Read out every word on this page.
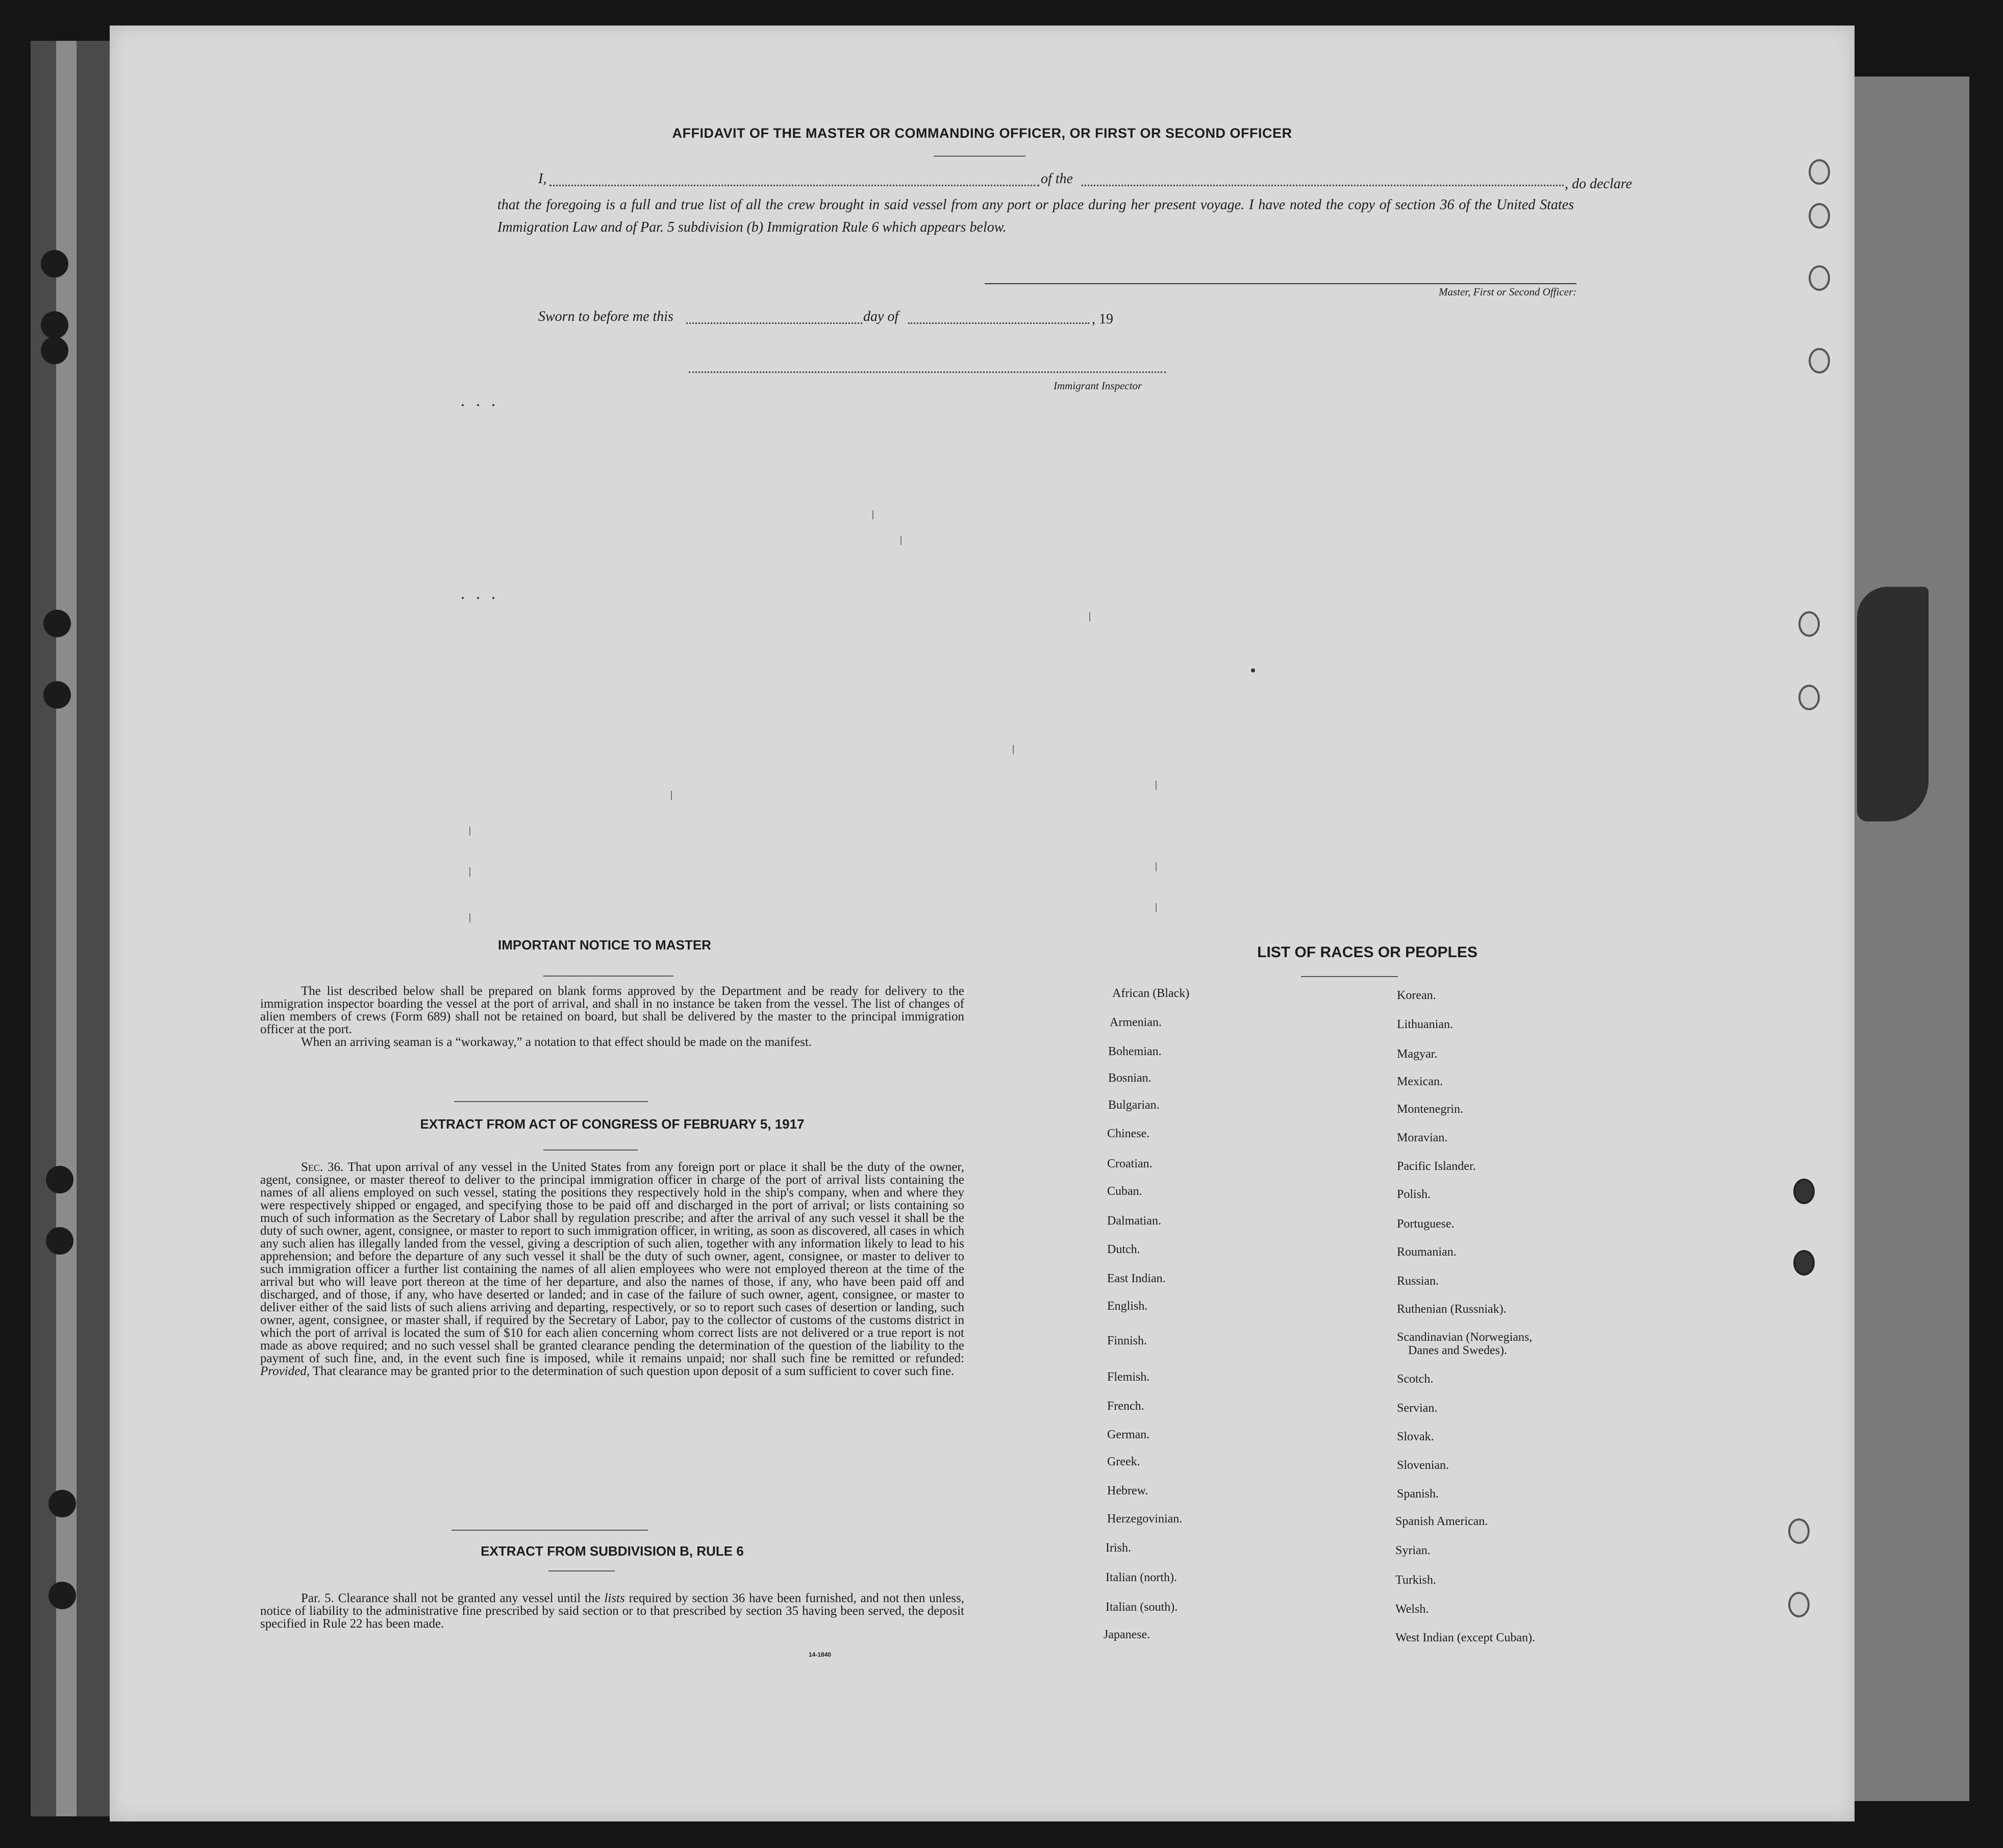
AFFIDAVIT OF THE MASTER OR COMMANDING OFFICER, OR FIRST OR SECOND OFFICER
I,	of the	, do declare
that the foregoing is a full and true list of all the crew brought in said vessel from any port or place during her present voyage. I have noted the copy of section 36 of the United States Immigration Law and of Par. 5 subdivision (b) Immigration Rule 6 which appears below.
Master, First or Second Officer:
Sworn to before me this	day of	, 19
Immigrant Inspector
IMPORTANT NOTICE TO MASTER

The list described below shall be prepared on blank forms approved by the Department and be ready for delivery to the immigration inspector boarding the vessel at the port of arrival, and shall in no instance be taken from the vessel. The list of changes of alien members of crews (Form 689) shall not be retained on board, but shall be delivered by the master to the principal immigration officer at the port.

When an arriving seaman is a “workaway,” a notation to that effect should be made on the manifest.

EXTRACT FROM ACT OF CONGRESS OF FEBRUARY 5, 1917

Sec. 36. That upon arrival of any vessel in the United States from any foreign port or place it shall be the duty of the owner, agent, consignee, or master thereof to deliver to the principal immigration officer in charge of the port of arrival lists containing the names of all aliens employed on such vessel, stating the positions they respectively hold in the ship's company, when and where they were respectively shipped or engaged, and specifying those to be paid off and discharged in the port of arrival; or lists containing so much of such information as the Secretary of Labor shall by regulation prescribe; and after the arrival of any such vessel it shall be the duty of such owner, agent, consignee, or master to report to such immigration officer, in writing, as soon as discovered, all cases in which any such alien has illegally landed from the vessel, giving a description of such alien, together with any information likely to lead to his apprehension; and before the departure of any such vessel it shall be the duty of such owner, agent, consignee, or master to deliver to such immigration officer a further list containing the names of all alien employees who were not employed thereon at the time of the arrival but who will leave port thereon at the time of her departure, and also the names of those, if any, who have been paid off and discharged, and of those, if any, who have deserted or landed; and in case of the failure of such owner, agent, consignee, or master to deliver either of the said lists of such aliens arriving and departing, respectively, or so to report such cases of desertion or landing, such owner, agent, consignee, or master shall, if required by the Secretary of Labor, pay to the collector of customs of the customs district in which the port of arrival is located the sum of $10 for each alien concerning whom correct lists are not delivered or a true report is not made as above required; and no such vessel shall be granted clearance pending the determination of the question of the liability to the payment of such fine, and, in the event such fine is imposed, while it remains unpaid; nor shall such fine be remitted or refunded: Provided, That clearance may be granted prior to the determination of such question upon deposit of a sum sufficient to cover such fine.

EXTRACT FROM SUBDIVISION B, RULE 6

Par. 5. Clearance shall not be granted any vessel until the lists required by section 36 have been furnished, and not then unless, notice of liability to the administrative fine prescribed by said section or to that prescribed by section 35 having been served, the deposit specified in Rule 22 has been made.

14-1840
LIST OF RACES OR PEOPLES
African (Black)
Armenian.
Bohemian.
Bosnian.
Bulgarian.
Chinese.
Croatian.
Cuban.
Dalmatian.
Dutch.
East Indian.
English.
Finnish.
Flemish.
French.
German.
Greek.
Hebrew.
Herzegovinian.
Irish.
Italian (north).
Italian (south).
Japanese.
Korean.
Lithuanian.
Magyar.
Mexican.
Montenegrin.
Moravian.
Pacific Islander.
Polish.
Portuguese.
Roumanian.
Russian.
Ruthenian (Russniak).
Scandinavian (Norwegians,
Danes and Swedes).
Scotch.
Servian.
Slovak.
Slovenian.
Spanish.
Spanish American.
Syrian.
Turkish.
Welsh.
West Indian (except Cuban).
